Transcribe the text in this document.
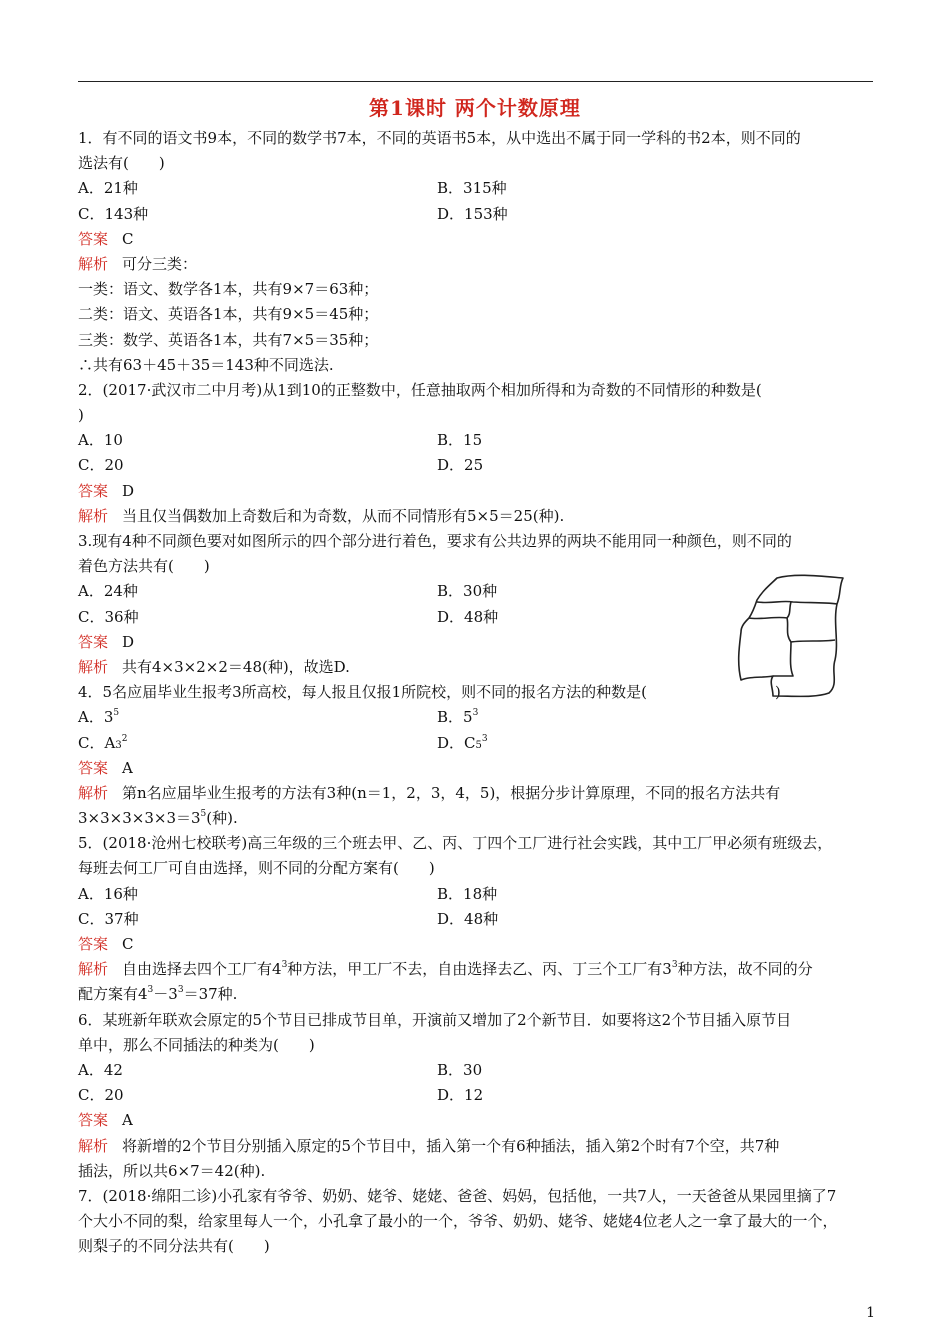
第1课时 两个计数原理
1．有不同的语文书9本，不同的数学书7本，不同的英语书5本，从中选出不属于同一学科的书2本，则不同的
选法有(　　)
A．21种	B．315种
C．143种	D．153种
答案 C
解析 可分三类：
一类：语文、数学各1本，共有9×7＝63种；
二类：语文、英语各1本，共有9×5＝45种；
三类：数学、英语各1本，共有7×5＝35种；
∴共有63＋45＋35＝143种不同选法.
2．(2017·武汉市二中月考)从1到10的正整数中，任意抽取两个相加所得和为奇数的不同情形的种数是(
)
A．10	B．15
C．20	D．25
答案 D
解析 当且仅当偶数加上奇数后和为奇数，从而不同情形有5×5＝25(种).
3.现有4种不同颜色要对如图所示的四个部分进行着色，要求有公共边界的两块不能用同一种颜色，则不同的
着色方法共有(　　)
A．24种	B．30种
C．36种	D．48种
答案 D
解析 共有4×3×2×2＝48(种)，故选D.
4．5名应届毕业生报考3所高校，每人报且仅报1所院校，则不同的报名方法的种数是(	)
A．$3^5$	B．$5^3$
C．$A3^2$	D．$C5^3$
答案 A
解析 第n名应届毕业生报考的方法有3种(n＝1，2，3，4，5)，根据分步计算原理，不同的报名方法共有
$3\times 3\times 3\times 3\times 3=3^5$(种).
5．(2018·沧州七校联考)高三年级的三个班去甲、乙、丙、丁四个工厂进行社会实践，其中工厂甲必须有班级去，
每班去何工厂可自由选择，则不同的分配方案有(　　)
A．16种	B．18种
C．37种	D．48种
答案 C
解析 自由选择去四个工厂有$4^3$种方法，甲工厂不去，自由选择去乙、丙、丁三个工厂有$3^3$种方法，故不同的分
配方案有$4^3-3^3=37$种.
6．某班新年联欢会原定的5个节目已排成节目单，开演前又增加了2个新节目．如要将这2个节目插入原节目
单中，那么不同插法的种类为(　　)
A．42	B．30
C．20	D．12
答案 A
解析 将新增的2个节目分别插入原定的5个节目中，插入第一个有6种插法，插入第2个时有7个空，共7种
插法，所以共6×7＝42(种).
7．(2018·绵阳二诊)小孔家有爷爷、奶奶、姥爷、姥姥、爸爸、妈妈，包括他，一共7人，一天爸爸从果园里摘了7
个大小不同的梨，给家里每人一个，小孔拿了最小的一个，爷爷、奶奶、姥爷、姥姥4位老人之一拿了最大的一个，
则梨子的不同分法共有(　　)
1
